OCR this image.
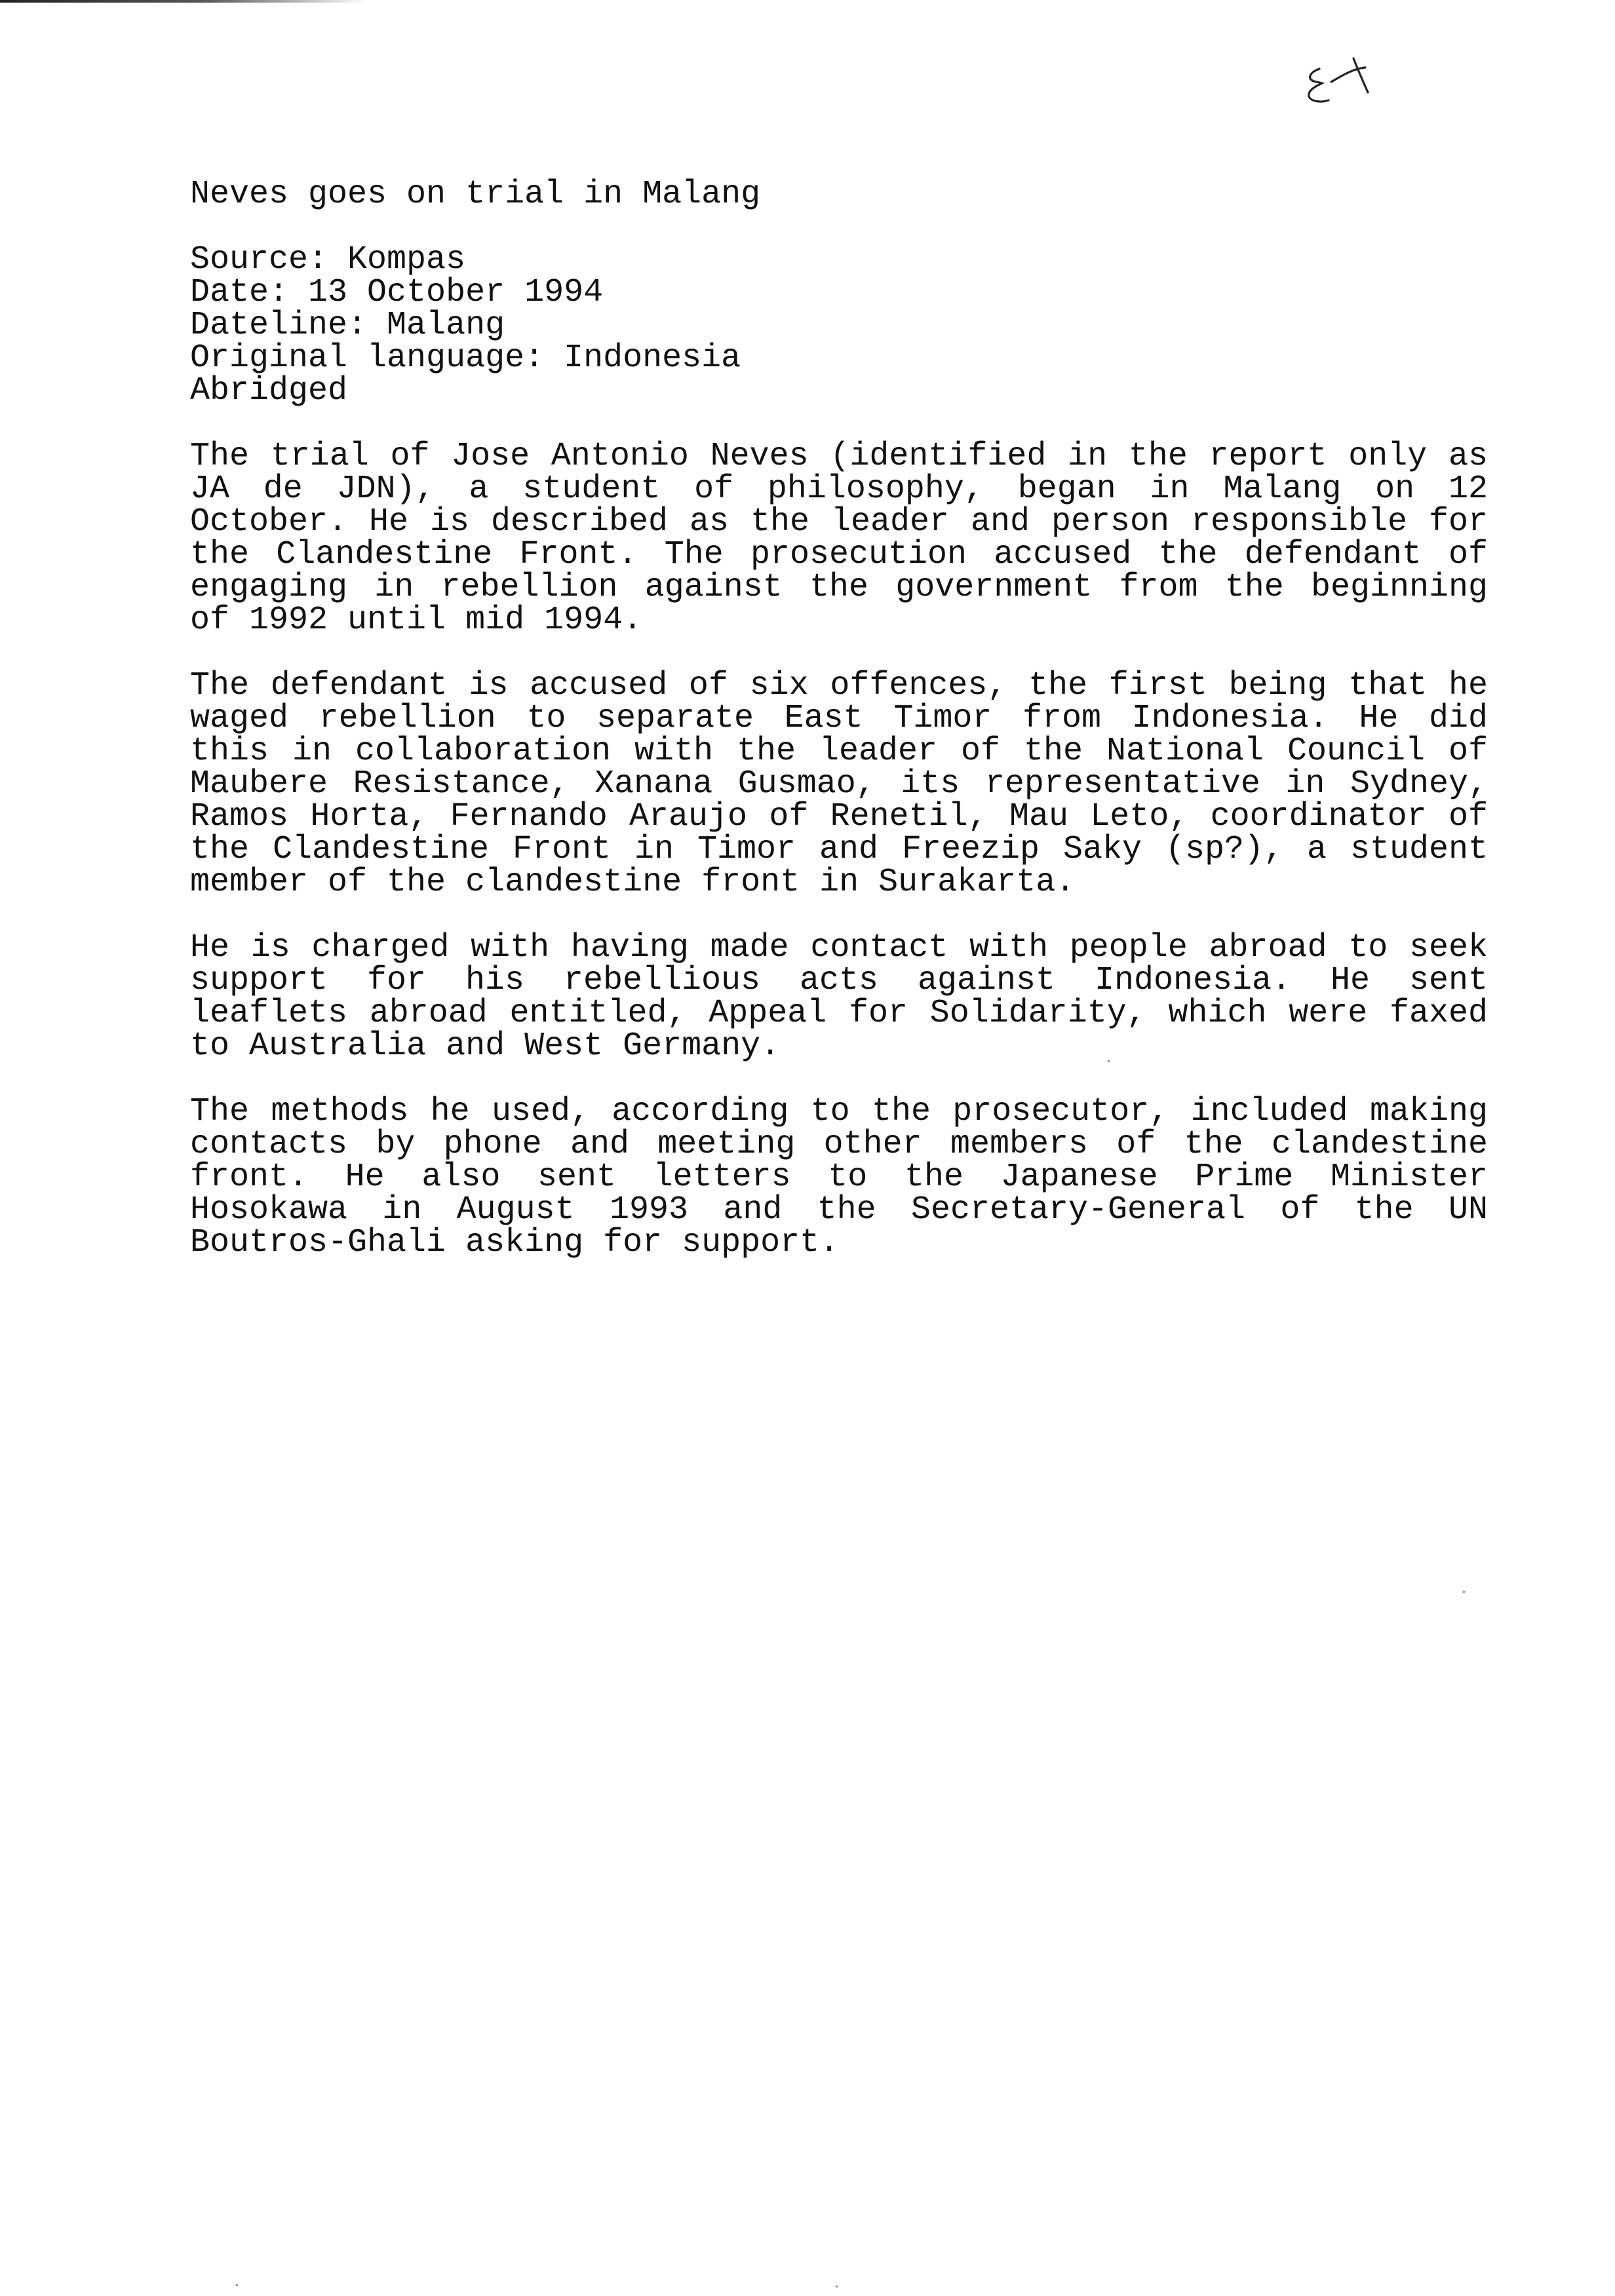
Neves goes on trial in Malang
Source: Kompas
Date: 13 October 1994
Dateline: Malang
Original language: Indonesia
Abridged

The trial of Jose Antonio Neves (identified in the report only as JA de JDN), a student of philosophy, began in Malang on 12 October. He is described as the leader and person responsible for the Clandestine Front. The prosecution accused the defendant of engaging in rebellion against the government from the beginning of 1992 until mid 1994.

The defendant is accused of six offences, the first being that he waged rebellion to separate East Timor from Indonesia. He did this in collaboration with the leader of the National Council of Maubere Resistance, Xanana Gusmao, its representative in Sydney, Ramos Horta, Fernando Araujo of Renetil, Mau Leto, coordinator of the Clandestine Front in Timor and Freezip Saky (sp?), a student member of the clandestine front in Surakarta.

He is charged with having made contact with people abroad to seek support for his rebellious acts against Indonesia. He sent leaflets abroad entitled, Appeal for Solidarity, which were faxed to Australia and West Germany.

The methods he used, according to the prosecutor, included making contacts by phone and meeting other members of the clandestine front. He also sent letters to the Japanese Prime Minister Hosokawa in August 1993 and the Secretary-General of the UN Boutros-Ghali asking for support.
